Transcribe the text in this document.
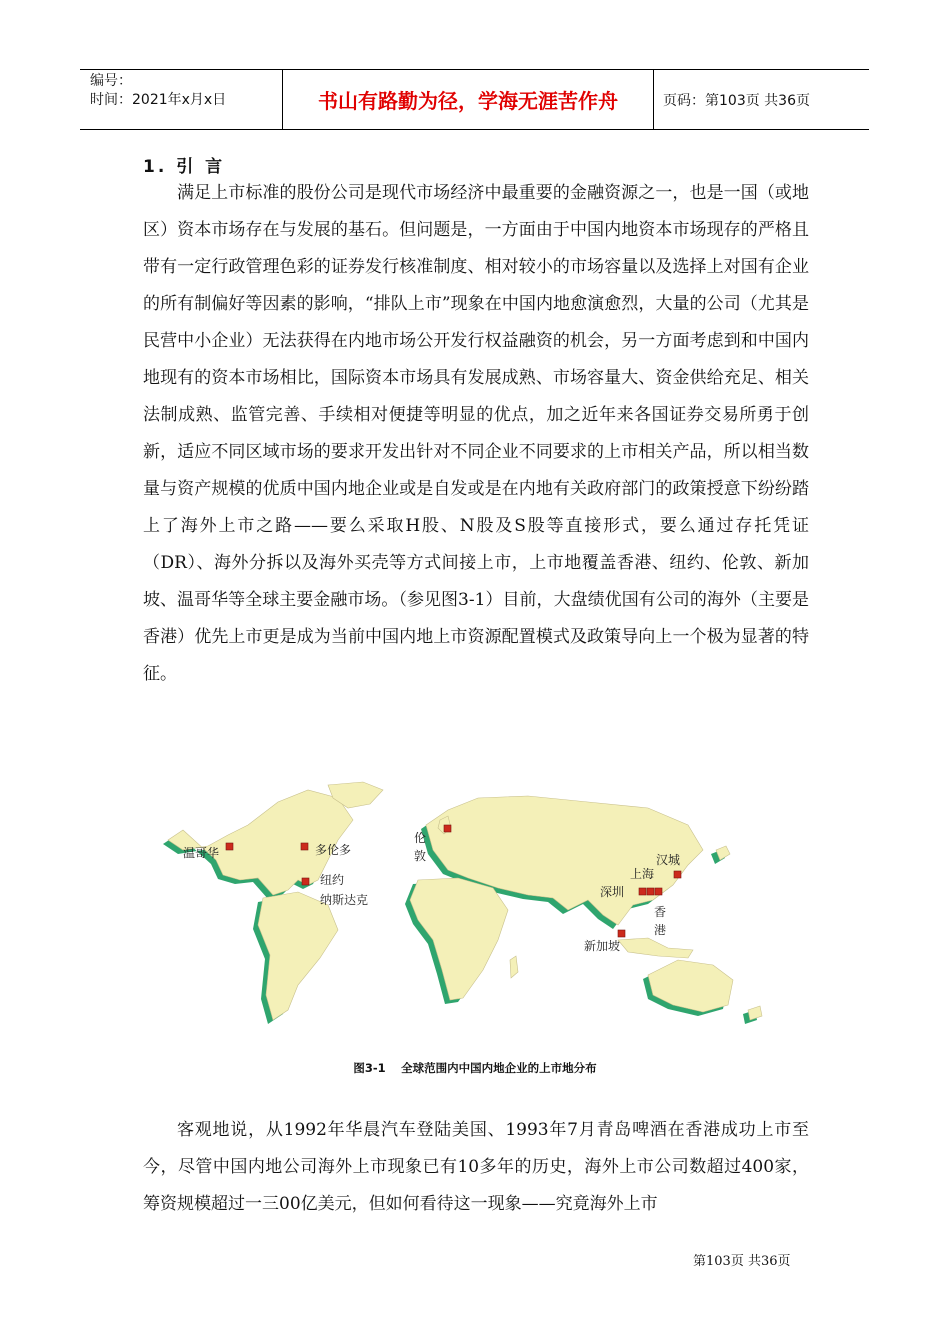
编号：
时间：2021年x月x日	书山有路勤为径，学海无涯苦作舟	页码：第103页 共36页
1. 引 言

满足上市标准的股份公司是现代市场经济中最重要的金融资源之一，也是一国（或地区）资本市场存在与发展的基石。但问题是，一方面由于中国内地资本市场现存的严格且带有一定行政管理色彩的证券发行核准制度、相对较小的市场容量以及选择上对国有企业的所有制偏好等因素的影响，“排队上市”现象在中国内地愈演愈烈，大量的公司（尤其是民营中小企业）无法获得在内地市场公开发行权益融资的机会，另一方面考虑到和中国内地现有的资本市场相比，国际资本市场具有发展成熟、市场容量大、资金供给充足、相关法制成熟、监管完善、手续相对便捷等明显的优点，加之近年来各国证券交易所勇于创新，适应不同区域市场的要求开发出针对不同企业不同要求的上市相关产品，所以相当数量与资产规模的优质中国内地企业或是自发或是在内地有关政府部门的政策授意下纷纷踏上了海外上市之路——要么采取H股、N股及S股等直接形式，要么通过存托凭证（DR）、海外分拆以及海外买壳等方式间接上市，上市地覆盖香港、纽约、伦敦、新加坡、温哥华等全球主要金融市场。（参见图3-1）目前，大盘绩优国有公司的海外（主要是香港）优先上市更是成为当前中国内地上市资源配置模式及政策导向上一个极为显著的特征。

温哥华	多伦多
纽约
纳斯达克
伦
敦	汉城
上海
深圳
香
港
新加坡
图3-1　 全球范围内中国内地企业的上市地分布

客观地说，从1992年华晨汽车登陆美国、1993年7月青岛啤酒在香港成功上市至今，尽管中国内地公司海外上市现象已有10多年的历史，海外上市公司数超过400家，筹资规模超过一三00亿美元，但如何看待这一现象——究竟海外上市

第103页 共36页
